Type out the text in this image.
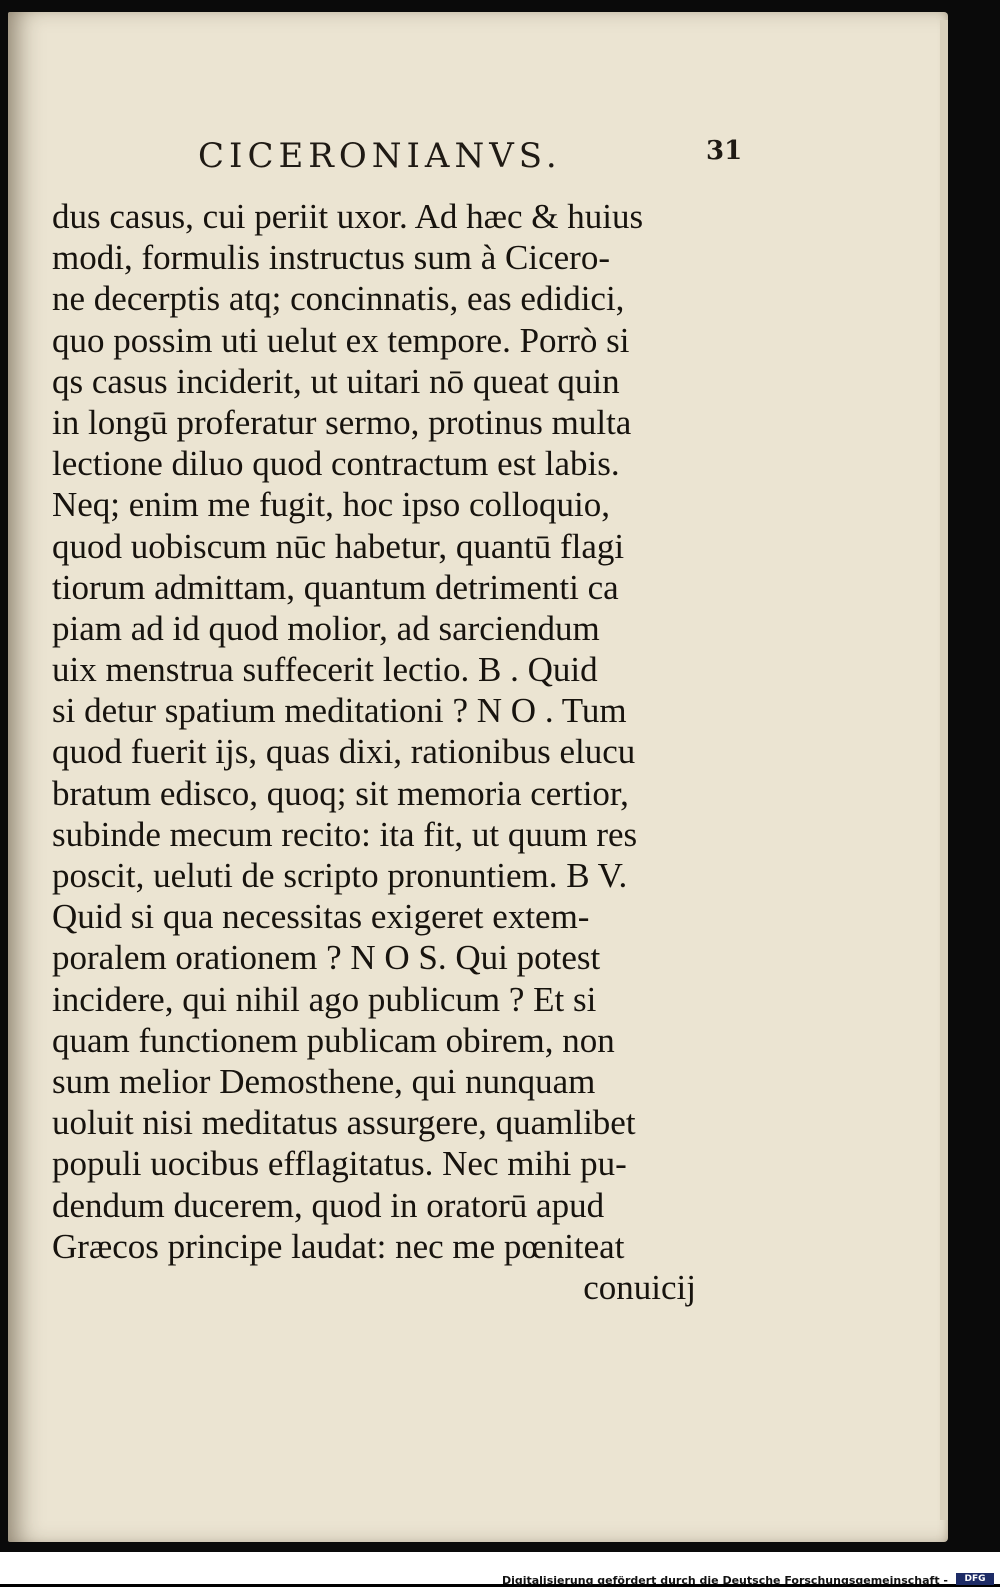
CICERONIANVS.	31

dus casus, cui periit uxor. Ad hæc & huius
modi, formulis instructus sum à Cicero-
ne decerptis atq; concinnatis, eas edidici,
quo possim uti uelut ex tempore. Porrò si
qs casus inciderit, ut uitari nō queat quin
in longū proferatur sermo, protinus multa
lectione diluo quod contractum est labis.
Neq; enim me fugit, hoc ipso colloquio,
quod uobiscum nūc habetur, quantū flagi
tiorum admittam, quantum detrimenti ca
piam ad id quod molior, ad sarciendum
uix menstrua suffecerit lectio. B . Quid
si detur spatium meditationi ? N O . Tum
quod fuerit ijs, quas dixi, rationibus elucu
bratum edisco, quoq; sit memoria certior,
subinde mecum recito: ita fit, ut quum res
poscit, ueluti de scripto pronuntiem. B V.
Quid si qua necessitas exigeret extem-
poralem orationem ? N O S. Qui potest
incidere, qui nihil ago publicum ? Et si
quam functionem publicam obirem, non
sum melior Demosthene, qui nunquam
uoluit nisi meditatus assurgere, quamlibet
populi uocibus efflagitatus. Nec mihi pu-
dendum ducerem, quod in oratorū apud
Græcos principe laudat: nec me pœniteat
conuicij

Digitalisierung gefördert durch die Deutsche Forschungsgemeinschaft -	DFG
